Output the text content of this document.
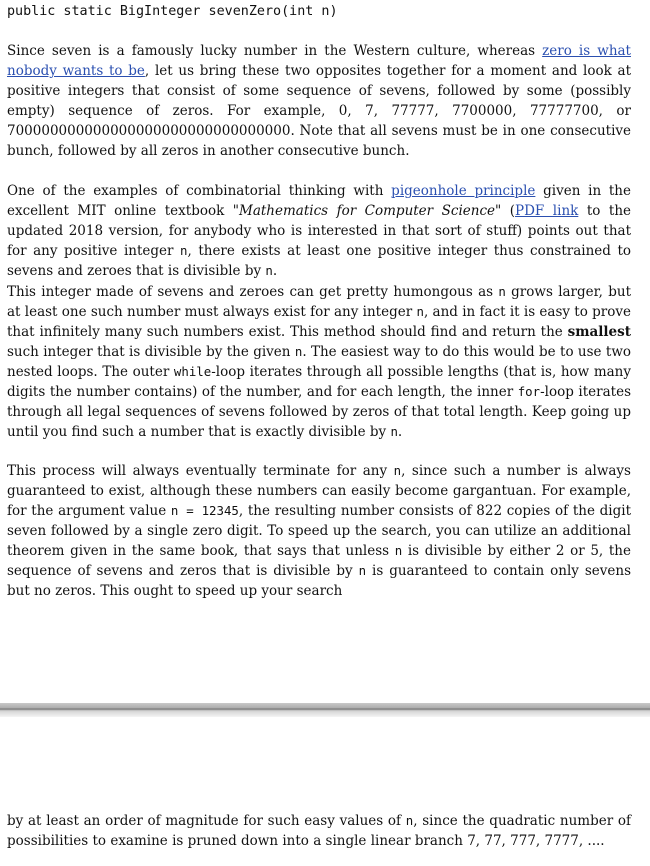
public static BigInteger sevenZero(int n)

Since seven is a famously lucky number in the Western culture, whereas zero is what nobody wants to be, let us bring these two opposites together for a moment and look at positive integers that consist of some sequence of sevens, followed by some (possibly empty) sequence of zeros. For example, 0, 7, 77777, 7700000, 77777700, or 700000000000000000000000000000000. Note that all sevens must be in one consecutive bunch, followed by all zeros in another consecutive bunch.

One of the examples of combinatorial thinking with pigeonhole principle given in the excellent MIT online textbook "Mathematics for Computer Science" (PDF link to the updated 2018 version, for anybody who is interested in that sort of stuff) points out that for any positive integer n, there exists at least one positive integer thus constrained to sevens and zeroes that is divisible by n.

This integer made of sevens and zeroes can get pretty humongous as n grows larger, but at least one such number must always exist for any integer n, and in fact it is easy to prove that infinitely many such numbers exist. This method should find and return the smallest such integer that is divisible by the given n. The easiest way to do this would be to use two nested loops. The outer while-loop iterates through all possible lengths (that is, how many digits the number contains) of the number, and for each length, the inner for-loop iterates through all legal sequences of sevens followed by zeros of that total length. Keep going up until you find such a number that is exactly divisible by n.

This process will always eventually terminate for any n, since such a number is always guaranteed to exist, although these numbers can easily become gargantuan. For example, for the argument value n = 12345, the resulting number consists of 822 copies of the digit seven followed by a single zero digit. To speed up the search, you can utilize an additional theorem given in the same book, that says that unless n is divisible by either 2 or 5, the sequence of sevens and zeros that is divisible by n is guaranteed to contain only sevens but no zeros. This ought to speed up your search

by at least an order of magnitude for such easy values of n, since the quadratic number of possibilities to examine is pruned down into a single linear branch 7, 77, 777, 7777, ....
